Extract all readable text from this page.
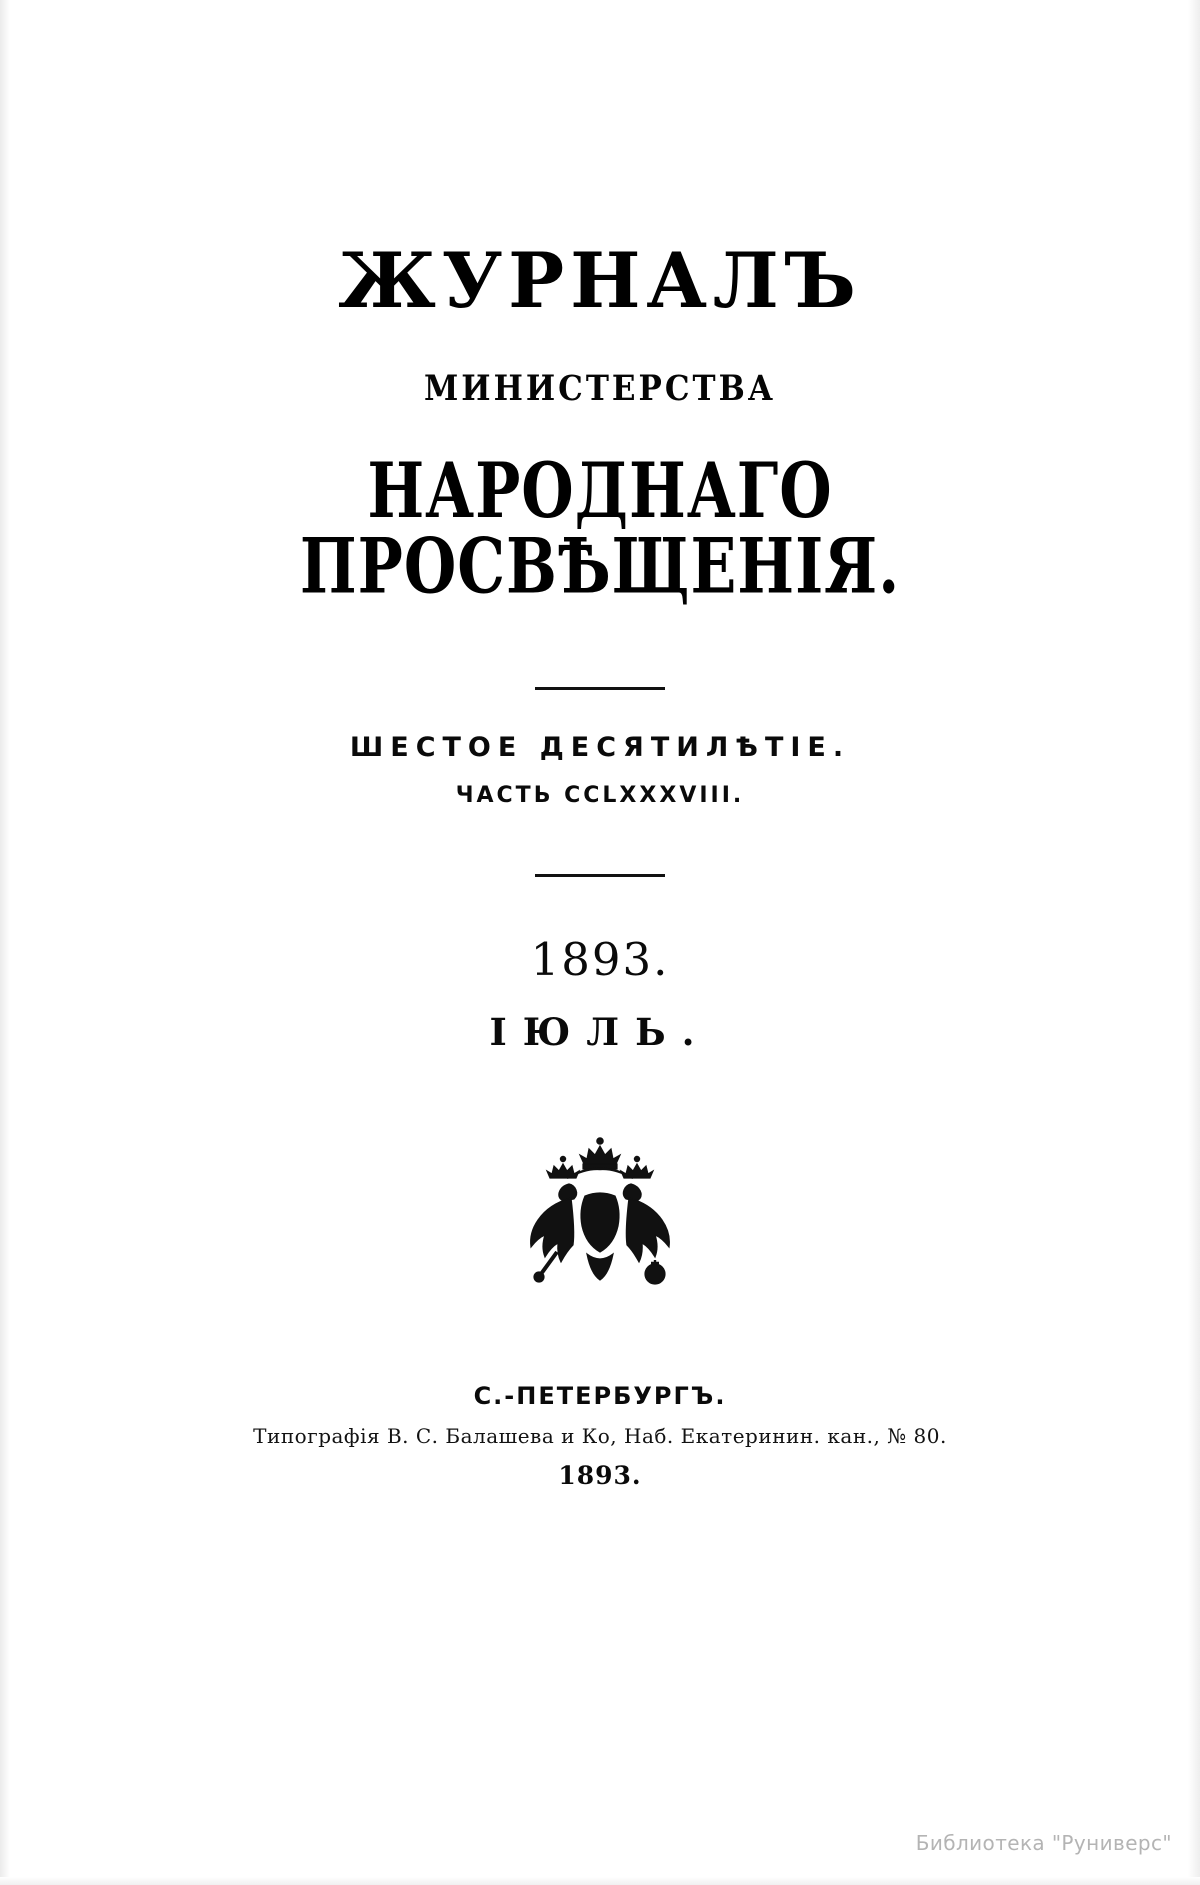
ЖУРНАЛЪ
МИНИСТЕРСТВА
НАРОДНАГО ПРОСВѢЩЕНІЯ.
ШЕСТОЕ ДЕСЯТИЛѢТІЕ.
ЧАСТЬ CCLXXXVIII.
1893.
ІЮЛЬ.
С.-ПЕТЕРБУРГЪ.
Типографія В. С. Балашева и Ко, Наб. Екатеринин. кан., № 80.
1893.
Библиотека "Руниверс"
